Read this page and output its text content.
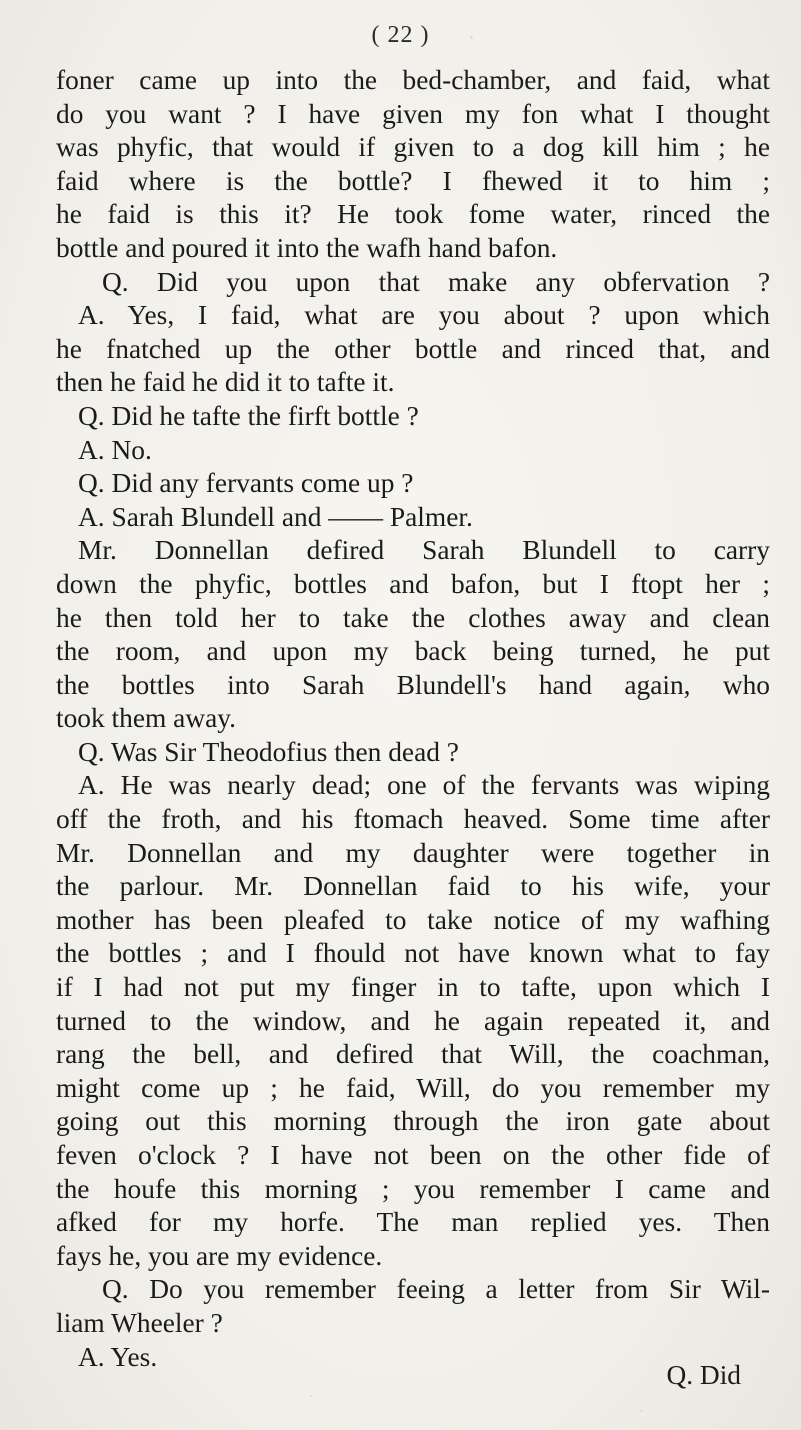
( 22 )
foner came up into the bed-chamber, and faid, what
do you want ? I have given my fon what I thought
was phyfic, that would if given to a dog kill him ; he
faid where is the bottle? I fhewed it to him ;
he faid is this it? He took fome water, rinced the
bottle and poured it into the wafh hand bafon.
Q. Did you upon that make any obfervation ?
A. Yes, I faid, what are you about ? upon which
he fnatched up the other bottle and rinced that, and
then he faid he did it to tafte it.
Q. Did he tafte the firft bottle ?
A. No.
Q. Did any fervants come up ?
A. Sarah Blundell and —— Palmer.
Mr. Donnellan defired Sarah Blundell to carry
down the phyfic, bottles and bafon, but I ftopt her ;
he then told her to take the clothes away and clean
the room, and upon my back being turned, he put
the bottles into Sarah Blundell's hand again, who
took them away.
Q. Was Sir Theodofius then dead ?
A. He was nearly dead; one of the fervants was wiping
off the froth, and his ftomach heaved. Some time after
Mr. Donnellan and my daughter were together in
the parlour. Mr. Donnellan faid to his wife, your
mother has been pleafed to take notice of my wafhing
the bottles ; and I fhould not have known what to fay
if I had not put my finger in to tafte, upon which I
turned to the window, and he again repeated it, and
rang the bell, and defired that Will, the coachman,
might come up ; he faid, Will, do you remember my
going out this morning through the iron gate about
feven o'clock ? I have not been on the other fide of
the houfe this morning ; you remember I came and
afked for my horfe. The man replied yes. Then
fays he, you are my evidence.
Q. Do you remember feeing a letter from Sir Wil-
liam Wheeler ?
A. Yes.
Q. Did
